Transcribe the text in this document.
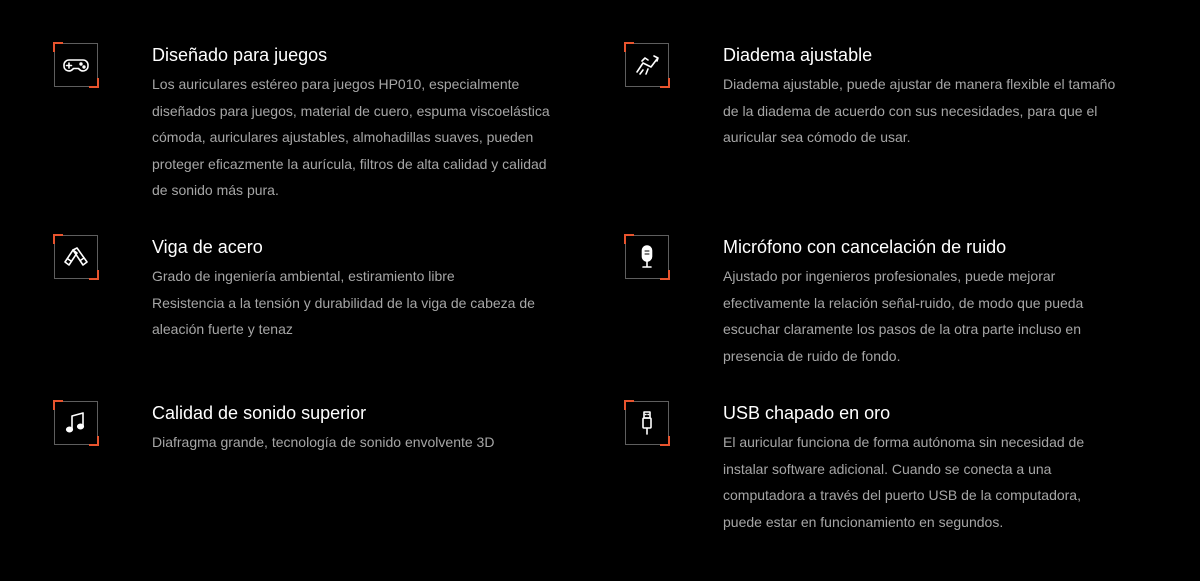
Diseñado para juegos

Los auriculares estéreo para juegos HP010, especialmente
diseñados para juegos, material de cuero, espuma viscoelástica
cómoda, auriculares ajustables, almohadillas suaves, pueden
proteger eficazmente la aurícula, filtros de alta calidad y calidad
de sonido más pura.

Diadema ajustable

Diadema ajustable, puede ajustar de manera flexible el tamaño
de la diadema de acuerdo con sus necesidades, para que el
auricular sea cómodo de usar.

Viga de acero

Grado de ingeniería ambiental, estiramiento libre
Resistencia a la tensión y durabilidad de la viga de cabeza de
aleación fuerte y tenaz

Micrófono con cancelación de ruido

Ajustado por ingenieros profesionales, puede mejorar
efectivamente la relación señal-ruido, de modo que pueda
escuchar claramente los pasos de la otra parte incluso en
presencia de ruido de fondo.

Calidad de sonido superior

Diafragma grande, tecnología de sonido envolvente 3D

USB chapado en oro

El auricular funciona de forma autónoma sin necesidad de
instalar software adicional. Cuando se conecta a una
computadora a través del puerto USB de la computadora,
puede estar en funcionamiento en segundos.
